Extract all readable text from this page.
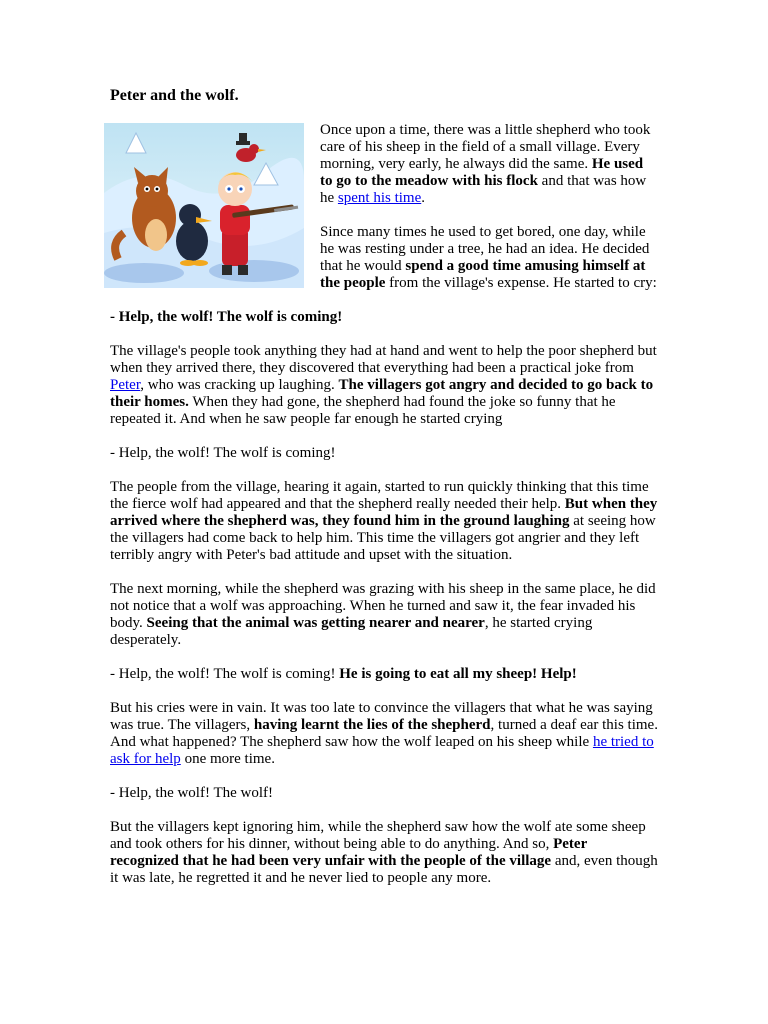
Peter and the wolf.

Once upon a time, there was a little shepherd who took care of his sheep in the field of a small village. Every morning, very early, he always did the same. He used to go to the meadow with his flock and that was how he spent his time.

Since many times he used to get bored, one day, while he was resting under a tree, he had an idea. He decided that he would spend a good time amusing himself at the people from the village's expense. He started to cry:

- Help, the wolf! The wolf is coming!

The village's people took anything they had at hand and went to help the poor shepherd but when they arrived there, they discovered that everything had been a practical joke from Peter, who was cracking up laughing. The villagers got angry and decided to go back to their homes. When they had gone, the shepherd had found the joke so funny that he repeated it. And when he saw people far enough he started crying

- Help, the wolf! The wolf is coming!

The people from the village, hearing it again, started to run quickly thinking that this time the fierce wolf had appeared and that the shepherd really needed their help. But when they arrived where the shepherd was, they found him in the ground laughing at seeing how the villagers had come back to help him. This time the villagers got angrier and they left terribly angry with Peter's bad attitude and upset with the situation.

The next morning, while the shepherd was grazing with his sheep in the same place, he did not notice that a wolf was approaching. When he turned and saw it, the fear invaded his body. Seeing that the animal was getting nearer and nearer, he started crying desperately.

- Help, the wolf! The wolf is coming! He is going to eat all my sheep! Help!

But his cries were in vain. It was too late to convince the villagers that what he was saying was true. The villagers, having learnt the lies of the shepherd, turned a deaf ear this time. And what happened? The shepherd saw how the wolf leaped on his sheep while he tried to ask for help one more time.

- Help, the wolf! The wolf!

But the villagers kept ignoring him, while the shepherd saw how the wolf ate some sheep and took others for his dinner, without being able to do anything. And so, Peter recognized that he had been very unfair with the people of the village and, even though it was late, he regretted it and he never lied to people any more.
